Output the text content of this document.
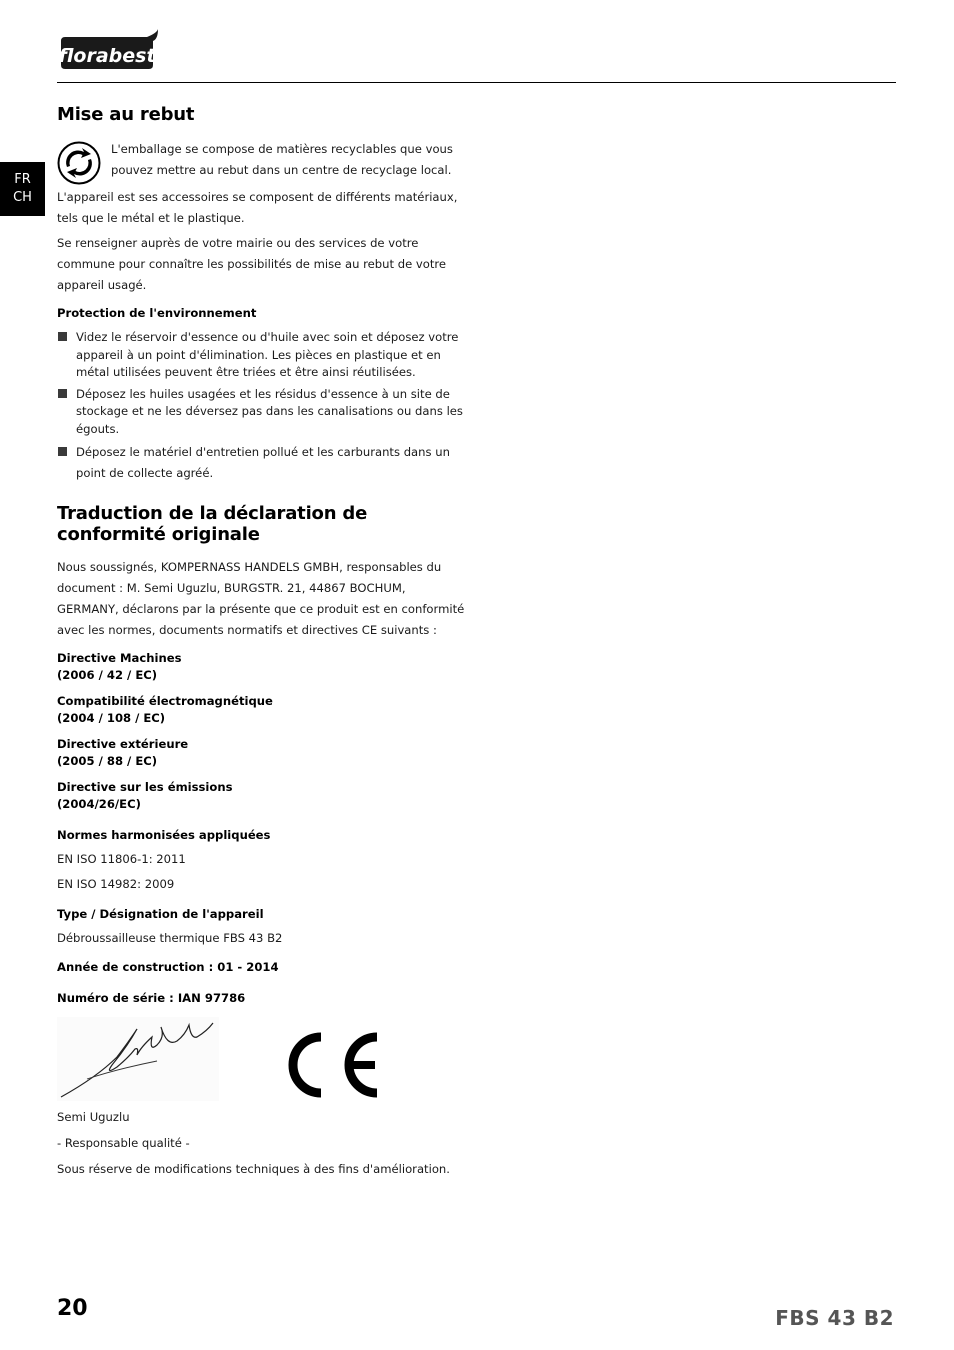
florabest
FR
CH
Mise au rebut

L'emballage se compose de matières recyclables que vous pouvez mettre au rebut dans un centre de recyclage local.

L'appareil est ses accessoires se composent de différents matériaux, tels que le métal et le plastique.

Se renseigner auprès de votre mairie ou des services de votre commune pour connaître les possibilités de mise au rebut de votre appareil usagé.

Protection de l'environnement
Videz le réservoir d'essence ou d'huile avec soin et déposez votre appareil à un point d'élimination. Les pièces en plastique et en métal utilisées peuvent être triées et être ainsi réutilisées.
Déposez les huiles usagées et les résidus d'essence à un site de stockage et ne les déversez pas dans les canalisations ou dans les égouts.
Déposez le matériel d'entretien pollué et les carburants dans un point de collecte agréé.
Traduction de la déclaration de
conformité originale

Nous soussignés, KOMPERNASS HANDELS GMBH, responsables du document : M. Semi Uguzlu, BURGSTR. 21, 44867 BOCHUM, GERMANY, déclarons par la présente que ce produit est en conformité avec les normes, documents normatifs et directives CE suivants :

Directive Machines
(2006 / 42 / EC)
Compatibilité électromagnétique
(2004 / 108 / EC)
Directive extérieure
(2005 / 88 / EC)
Directive sur les émissions
(2004/26/EC)
Normes harmonisées appliquées

EN ISO 11806-1: 2011

EN ISO 14982: 2009

Type / Désignation de l'appareil

Débroussailleuse thermique FBS 43 B2

Année de construction : 01 - 2014
Numéro de série : IAN 97786

Semi Uguzlu

- Responsable qualité -

Sous réserve de modifications techniques à des fins d'amélioration.

20	FBS 43 B2
